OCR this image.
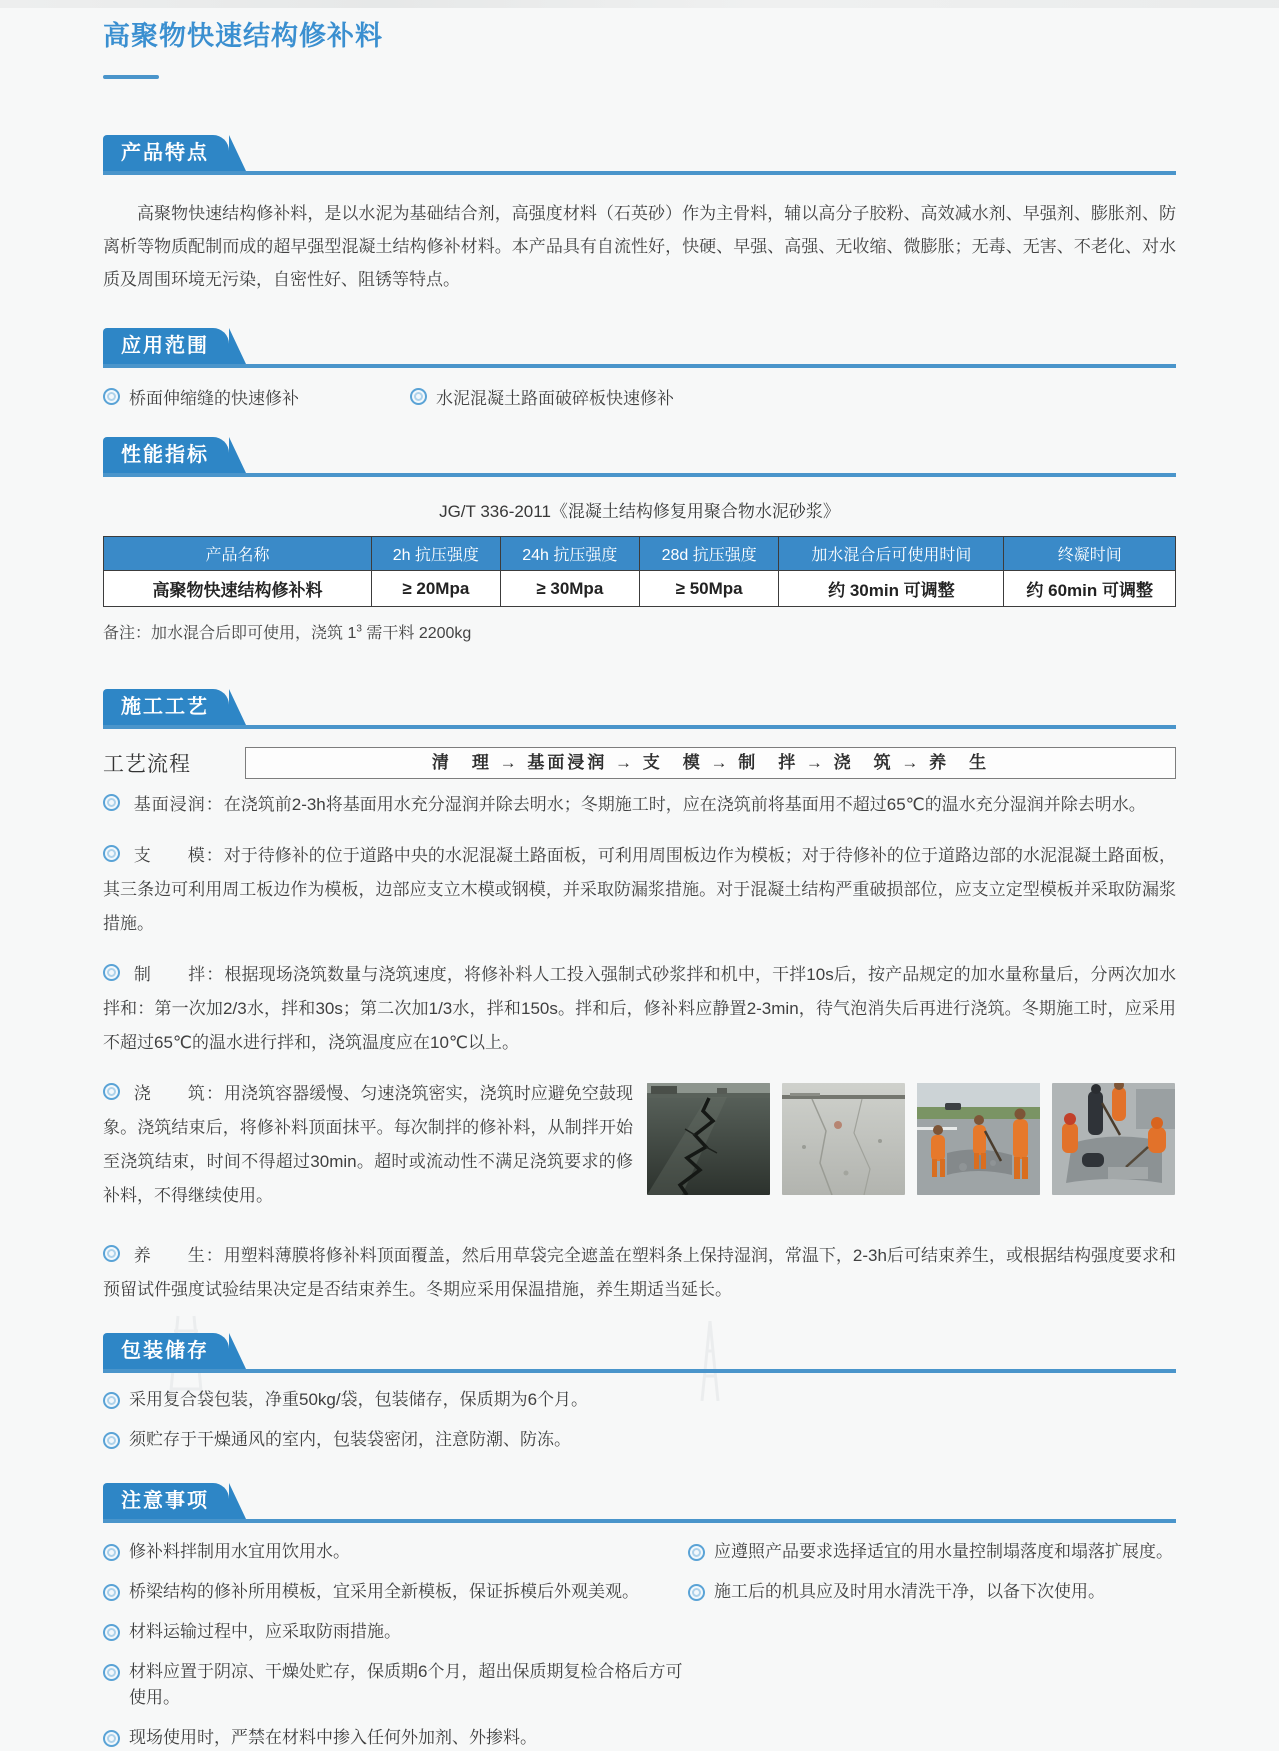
高聚物快速结构修补料
产品特点

高聚物快速结构修补料，是以水泥为基础结合剂，高强度材料（石英砂）作为主骨料，辅以高分子胶粉、高效减水剂、早强剂、膨胀剂、防离析等物质配制而成的超早强型混凝土结构修补材料。本产品具有自流性好，快硬、早强、高强、无收缩、微膨胀；无毒、无害、不老化、对水质及周围环境无污染，自密性好、阻锈等特点。

应用范围
桥面伸缩缝的快速修补	水泥混凝土路面破碎板快速修补
性能指标
JG/T 336-2011《混凝土结构修复用聚合物水泥砂浆》
产品名称	2h 抗压强度	24h 抗压强度	28d 抗压强度	加水混合后可使用时间	终凝时间
高聚物快速结构修补料	≥ 20Mpa	≥ 30Mpa	≥ 50Mpa	约 30min 可调整	约 60min 可调整
备注：加水混合后即可使用，浇筑 $1^3$ 需干料 2200kg
施工工艺
工艺流程	清　理 → 基面浸润 → 支　模 → 制　拌 → 浇　筑 → 养　生

基面浸润：在浇筑前2-3h将基面用水充分湿润并除去明水；冬期施工时，应在浇筑前将基面用不超过65℃的温水充分湿润并除去明水。

支　　模：对于待修补的位于道路中央的水泥混凝土路面板，可利用周围板边作为模板；对于待修补的位于道路边部的水泥混凝土路面板，其三条边可利用周工板边作为模板，边部应支立木模或钢模，并采取防漏浆措施。对于混凝土结构严重破损部位，应支立定型模板并采取防漏浆措施。

制　　拌：根据现场浇筑数量与浇筑速度，将修补料人工投入强制式砂浆拌和机中，干拌10s后，按产品规定的加水量称量后，分两次加水拌和：第一次加2/3水，拌和30s；第二次加1/3水，拌和150s。拌和后，修补料应静置2-3min，待气泡消失后再进行浇筑。冬期施工时，应采用不超过65℃的温水进行拌和，浇筑温度应在10℃以上。

浇　　筑：用浇筑容器缓慢、匀速浇筑密实，浇筑时应避免空鼓现象。浇筑结束后，将修补料顶面抹平。每次制拌的修补料，从制拌开始至浇筑结束，时间不得超过30min。超时或流动性不满足浇筑要求的修补料，不得继续使用。

养　　生：用塑料薄膜将修补料顶面覆盖，然后用草袋完全遮盖在塑料条上保持湿润，常温下，2-3h后可结束养生，或根据结构强度要求和预留试件强度试验结果决定是否结束养生。冬期应采用保温措施，养生期适当延长。

包装储存
采用复合袋包装，净重50kg/袋，包装储存，保质期为6个月。
须贮存于干燥通风的室内，包装袋密闭，注意防潮、防冻。
注意事项
修补料拌制用水宜用饮用水。
桥梁结构的修补所用模板，宜采用全新模板，保证拆模后外观美观。
材料运输过程中，应采取防雨措施。
材料应置于阴凉、干燥处贮存，保质期6个月，超出保质期复检合格后方可使用。
现场使用时，严禁在材料中掺入任何外加剂、外掺料。
应遵照产品要求选择适宜的用水量控制塌落度和塌落扩展度。
施工后的机具应及时用水清洗干净，以备下次使用。
